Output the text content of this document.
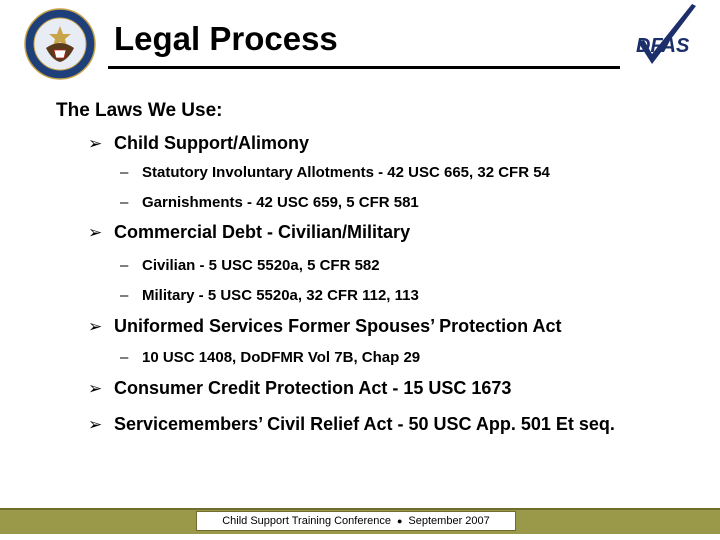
Legal Process	DFAS
The Laws We Use:
➢ Child Support/Alimony
– Statutory Involuntary Allotments - 42 USC 665, 32 CFR 54
– Garnishments - 42 USC 659, 5 CFR 581
➢ Commercial Debt - Civilian/Military
– Civilian - 5 USC 5520a, 5 CFR 582
– Military - 5 USC 5520a, 32 CFR 112, 113
➢ Uniformed Services Former Spouses’ Protection Act
– 10 USC 1408, DoDFMR Vol 7B, Chap 29
➢ Consumer Credit Protection Act - 15 USC 1673
➢ Servicemembers’ Civil Relief Act - 50 USC App. 501 Et seq.
Child Support Training Conference ● September 2007
